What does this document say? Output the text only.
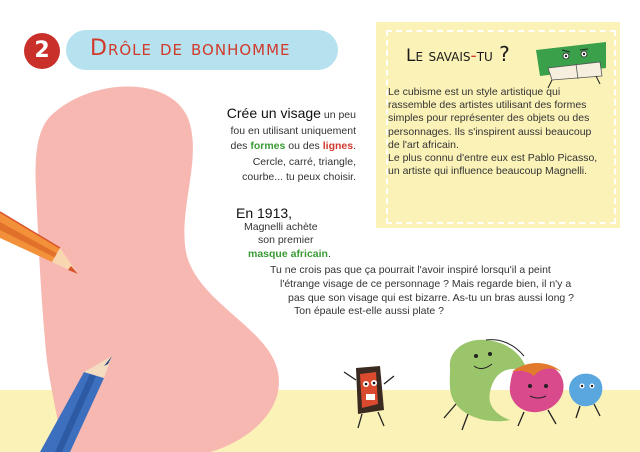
2	Drôle de bonhomme	Le savais-tu ?

Le cubisme est un style artistique qui rassemble des artistes utilisant des formes simples pour représenter des objets ou des personnages. Ils s'inspirent aussi beaucoup de l'art africain.

Le plus connu d'entre eux est Pablo Picasso, un artiste qui influence beaucoup Magnelli.

Crée un visage un peu
fou en utilisant uniquement
des formes ou des lignes.
Cercle, carré, triangle,
courbe... tu peux choisir.
En 1913,
Magnelli achète
son premier
masque africain.
Tu ne crois pas que ça pourrait l'avoir inspiré lorsqu'il a peint
l'étrange visage de ce personnage ? Mais regarde bien, il n'y a
pas que son visage qui est bizarre. As-tu un bras aussi long ?
Ton épaule est-elle aussi plate ?
